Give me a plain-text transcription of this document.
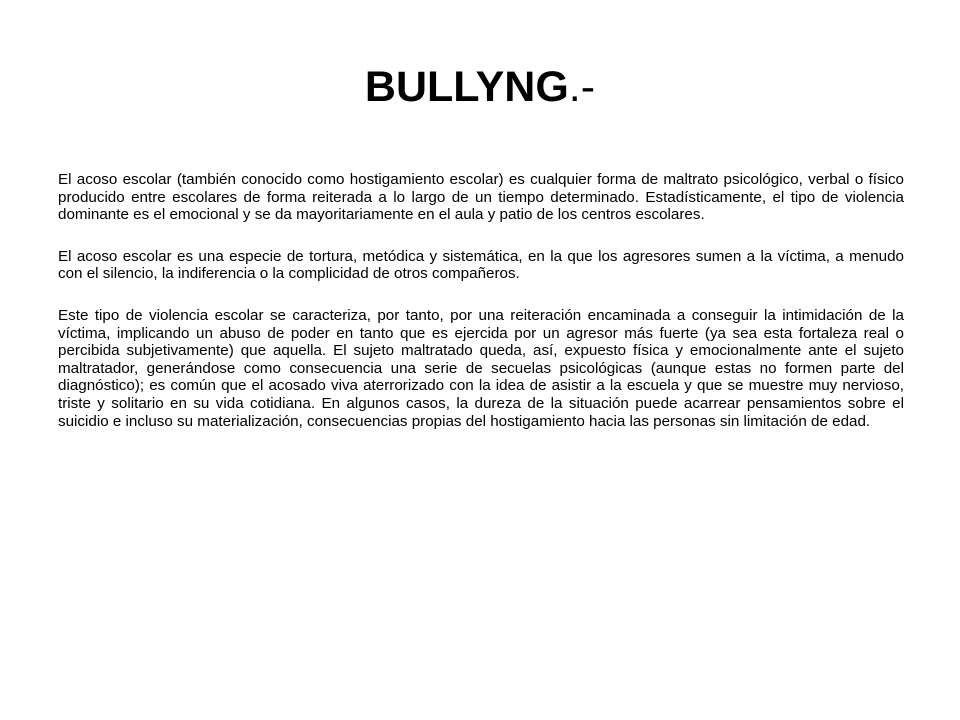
BULLYNG.-

El acoso escolar (también conocido como hostigamiento escolar) es cualquier forma de maltrato psicológico, verbal o físico producido entre escolares de forma reiterada a lo largo de un tiempo determinado. Estadísticamente, el tipo de violencia dominante es el emocional y se da mayoritariamente en el aula y patio de los centros escolares.

El acoso escolar es una especie de tortura, metódica y sistemática, en la que los agresores sumen a la víctima, a menudo con el silencio, la indiferencia o la complicidad de otros compañeros.

Este tipo de violencia escolar se caracteriza, por tanto, por una reiteración encaminada a conseguir la intimidación de la víctima, implicando un abuso de poder en tanto que es ejercida por un agresor más fuerte (ya sea esta fortaleza real o percibida subjetivamente) que aquella. El sujeto maltratado queda, así, expuesto física y emocionalmente ante el sujeto maltratador, generándose como consecuencia una serie de secuelas psicológicas (aunque estas no formen parte del diagnóstico); es común que el acosado viva aterrorizado con la idea de asistir a la escuela y que se muestre muy nervioso, triste y solitario en su vida cotidiana. En algunos casos, la dureza de la situación puede acarrear pensamientos sobre el suicidio e incluso su materialización, consecuencias propias del hostigamiento hacia las personas sin limitación de edad.
